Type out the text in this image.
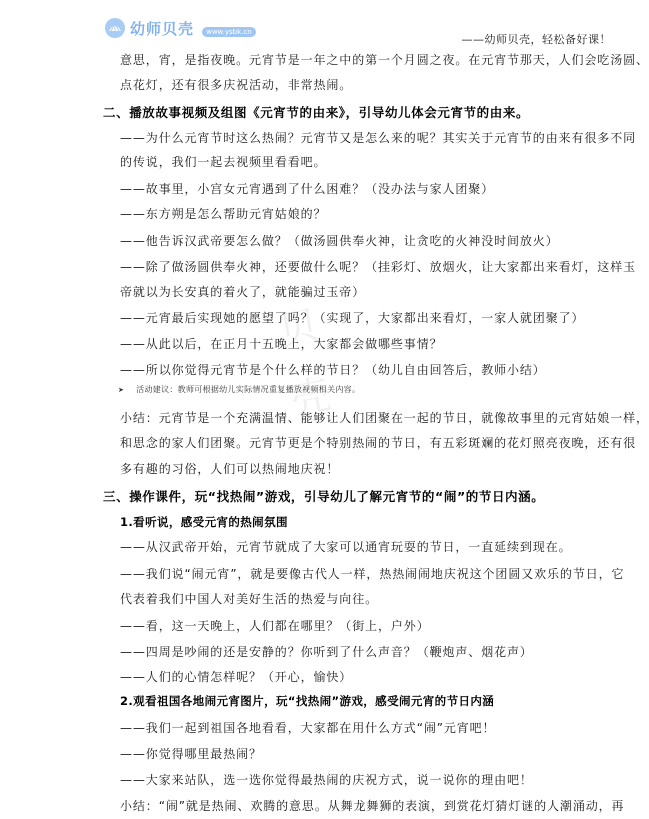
幼师贝壳 www.ysbk.cn
——幼师贝壳，轻松备好课！
意思，宵，是指夜晚。元宵节是一年之中的第一个月圆之夜。在元宵节那天，人们会吃汤圆、
点花灯，还有很多庆祝活动，非常热闹。
二、播放故事视频及组图《元宵节的由来》，引导幼儿体会元宵节的由来。
——为什么元宵节时这么热闹？元宵节又是怎么来的呢？其实关于元宵节的由来有很多不同
的传说，我们一起去视频里看看吧。
——故事里，小宫女元宵遇到了什么困难？（没办法与家人团聚）
——东方朔是怎么帮助元宵姑娘的？
——他告诉汉武帝要怎么做？（做汤圆供奉火神，让贪吃的火神没时间放火）
——除了做汤圆供奉火神，还要做什么呢？（挂彩灯、放烟火，让大家都出来看灯，这样玉
帝就以为长安真的着火了，就能骗过玉帝）
——元宵最后实现她的愿望了吗？（实现了，大家都出来看灯，一家人就团聚了）
——从此以后，在正月十五晚上，大家都会做哪些事情？
——所以你觉得元宵节是个什么样的节日？（幼儿自由回答后，教师小结）
➤ 活动建议：教师可根据幼儿实际情况重复播放视频相关内容。
小结：元宵节是一个充满温情、能够让人们团聚在一起的节日，就像故事里的元宵姑娘一样，
和思念的家人们团聚。元宵节更是个特别热闹的节日，有五彩斑斓的花灯照亮夜晚，还有很
多有趣的习俗，人们可以热闹地庆祝！
三、操作课件，玩“找热闹”游戏，引导幼儿了解元宵节的“闹”的节日内涵。
1.看听说，感受元宵的热闹氛围
——从汉武帝开始，元宵节就成了大家可以通宵玩耍的节日，一直延续到现在。
——我们说“闹元宵”，就是要像古代人一样，热热闹闹地庆祝这个团圆又欢乐的节日，它
代表着我们中国人对美好生活的热爱与向往。
——看，这一天晚上，人们都在哪里？（街上，户外）
——四周是吵闹的还是安静的？你听到了什么声音？（鞭炮声、烟花声）
——人们的心情怎样呢？（开心，愉快）
2.观看祖国各地闹元宵图片，玩“找热闹”游戏，感受闹元宵的节日内涵
——我们一起到祖国各地看看，大家都在用什么方式“闹”元宵吧！
——你觉得哪里最热闹？
——大家来站队，选一选你觉得最热闹的庆祝方式，说一说你的理由吧！
小结：“闹”就是热闹、欢腾的意思。从舞龙舞狮的表演，到赏花灯猜灯谜的人潮涌动，再
贝
壳
